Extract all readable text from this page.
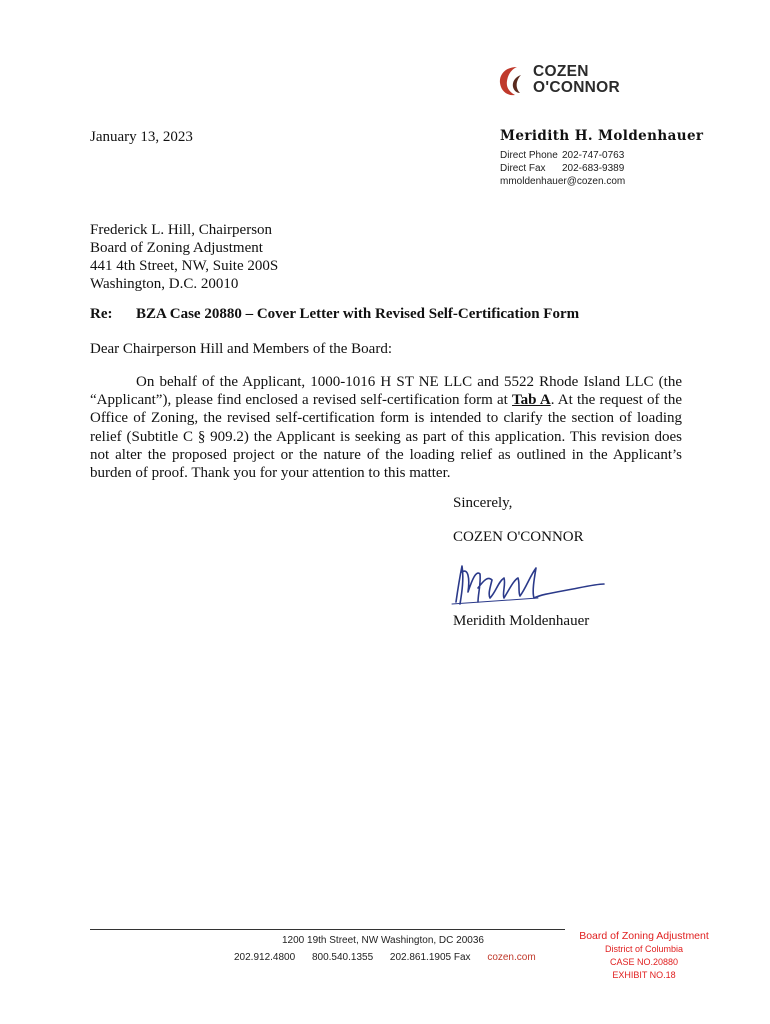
COZEN
O'CONNOR
January 13, 2023	Meridith H. Moldenhauer
Direct Phone 202-747-0763
Direct Fax	202-683-9389
mmoldenhauer@cozen.com
Frederick L. Hill, Chairperson
Board of Zoning Adjustment
441 4th Street, NW, Suite 200S
Washington, D.C. 20010
Re: BZA Case 20880 – Cover Letter with Revised Self-Certification Form
Dear Chairperson Hill and Members of the Board:
On behalf of the Applicant, 1000-1016 H ST NE LLC and 5522 Rhode Island LLC (the “Applicant”), please find enclosed a revised self-certification form at Tab A. At the request of the Office of Zoning, the revised self-certification form is intended to clarify the section of loading relief (Subtitle C § 909.2) the Applicant is seeking as part of this application. This revision does not alter the proposed project or the nature of the loading relief as outlined in the Applicant’s burden of proof. Thank you for your attention to this matter.
Sincerely,
COZEN O'CONNOR
Meridith Moldenhauer
1200 19th Street, NW Washington, DC 20036
202.912.4800 800.540.1355 202.861.1905 Fax cozen.com
Board of Zoning Adjustment
District of Columbia
CASE NO.20880
EXHIBIT NO.18
